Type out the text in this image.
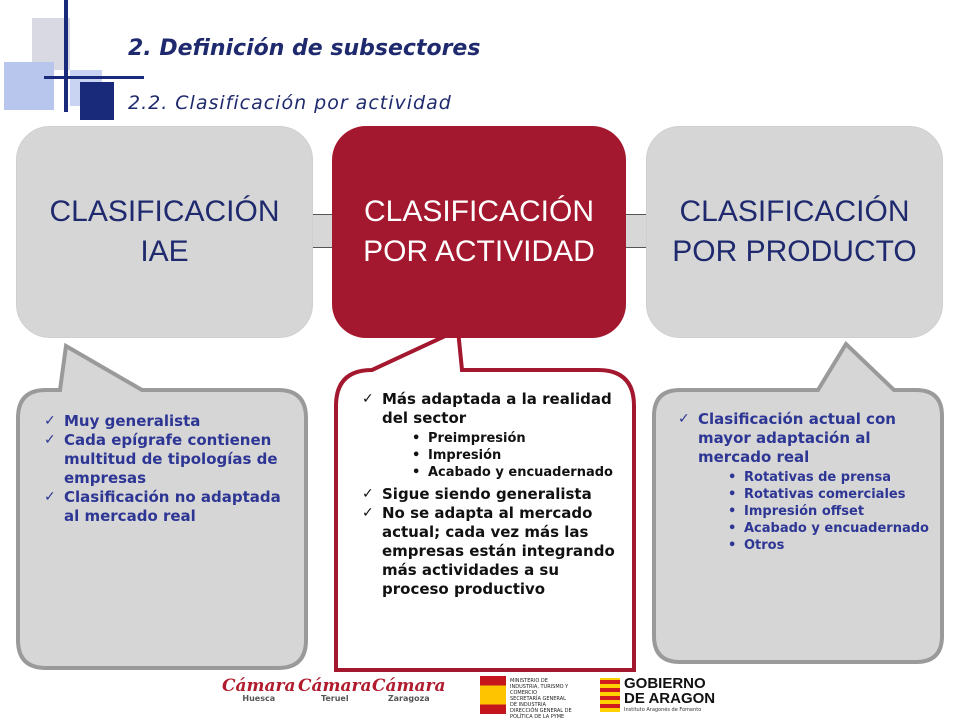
2. Definición de subsectores
2.2. Clasificación por actividad
CLASIFICACIÓN
IAE
CLASIFICACIÓN
POR ACTIVIDAD
CLASIFICACIÓN
POR PRODUCTO
✓ Muy generalista
✓ Cada epígrafe contienen multitud de tipologías de empresas
✓ Clasificación no adaptada al mercado real
✓ Más adaptada a la realidad del sector
• Preimpresión
• Impresión
• Acabado y encuadernado
✓ Sigue siendo generalista
✓ No se adapta al mercado actual; cada vez más las empresas están integrando más actividades a su proceso productivo
✓ Clasificación actual con mayor adaptación al mercado real
• Rotativas de prensa
• Rotativas comerciales
• Impresión offset
• Acabado y encuadernado
• Otros
Cámara
Huesca
Cámara
Teruel
Cámara
Zaragoza
MINISTERIO DE INDUSTRIA, TURISMO Y COMERCIO
SECRETARÍA GENERAL DE INDUSTRIA
DIRECCIÓN GENERAL DE POLÍTICA DE LA PYME
GOBIERNO DE ARAGON
Instituto Aragonés de Fomento
